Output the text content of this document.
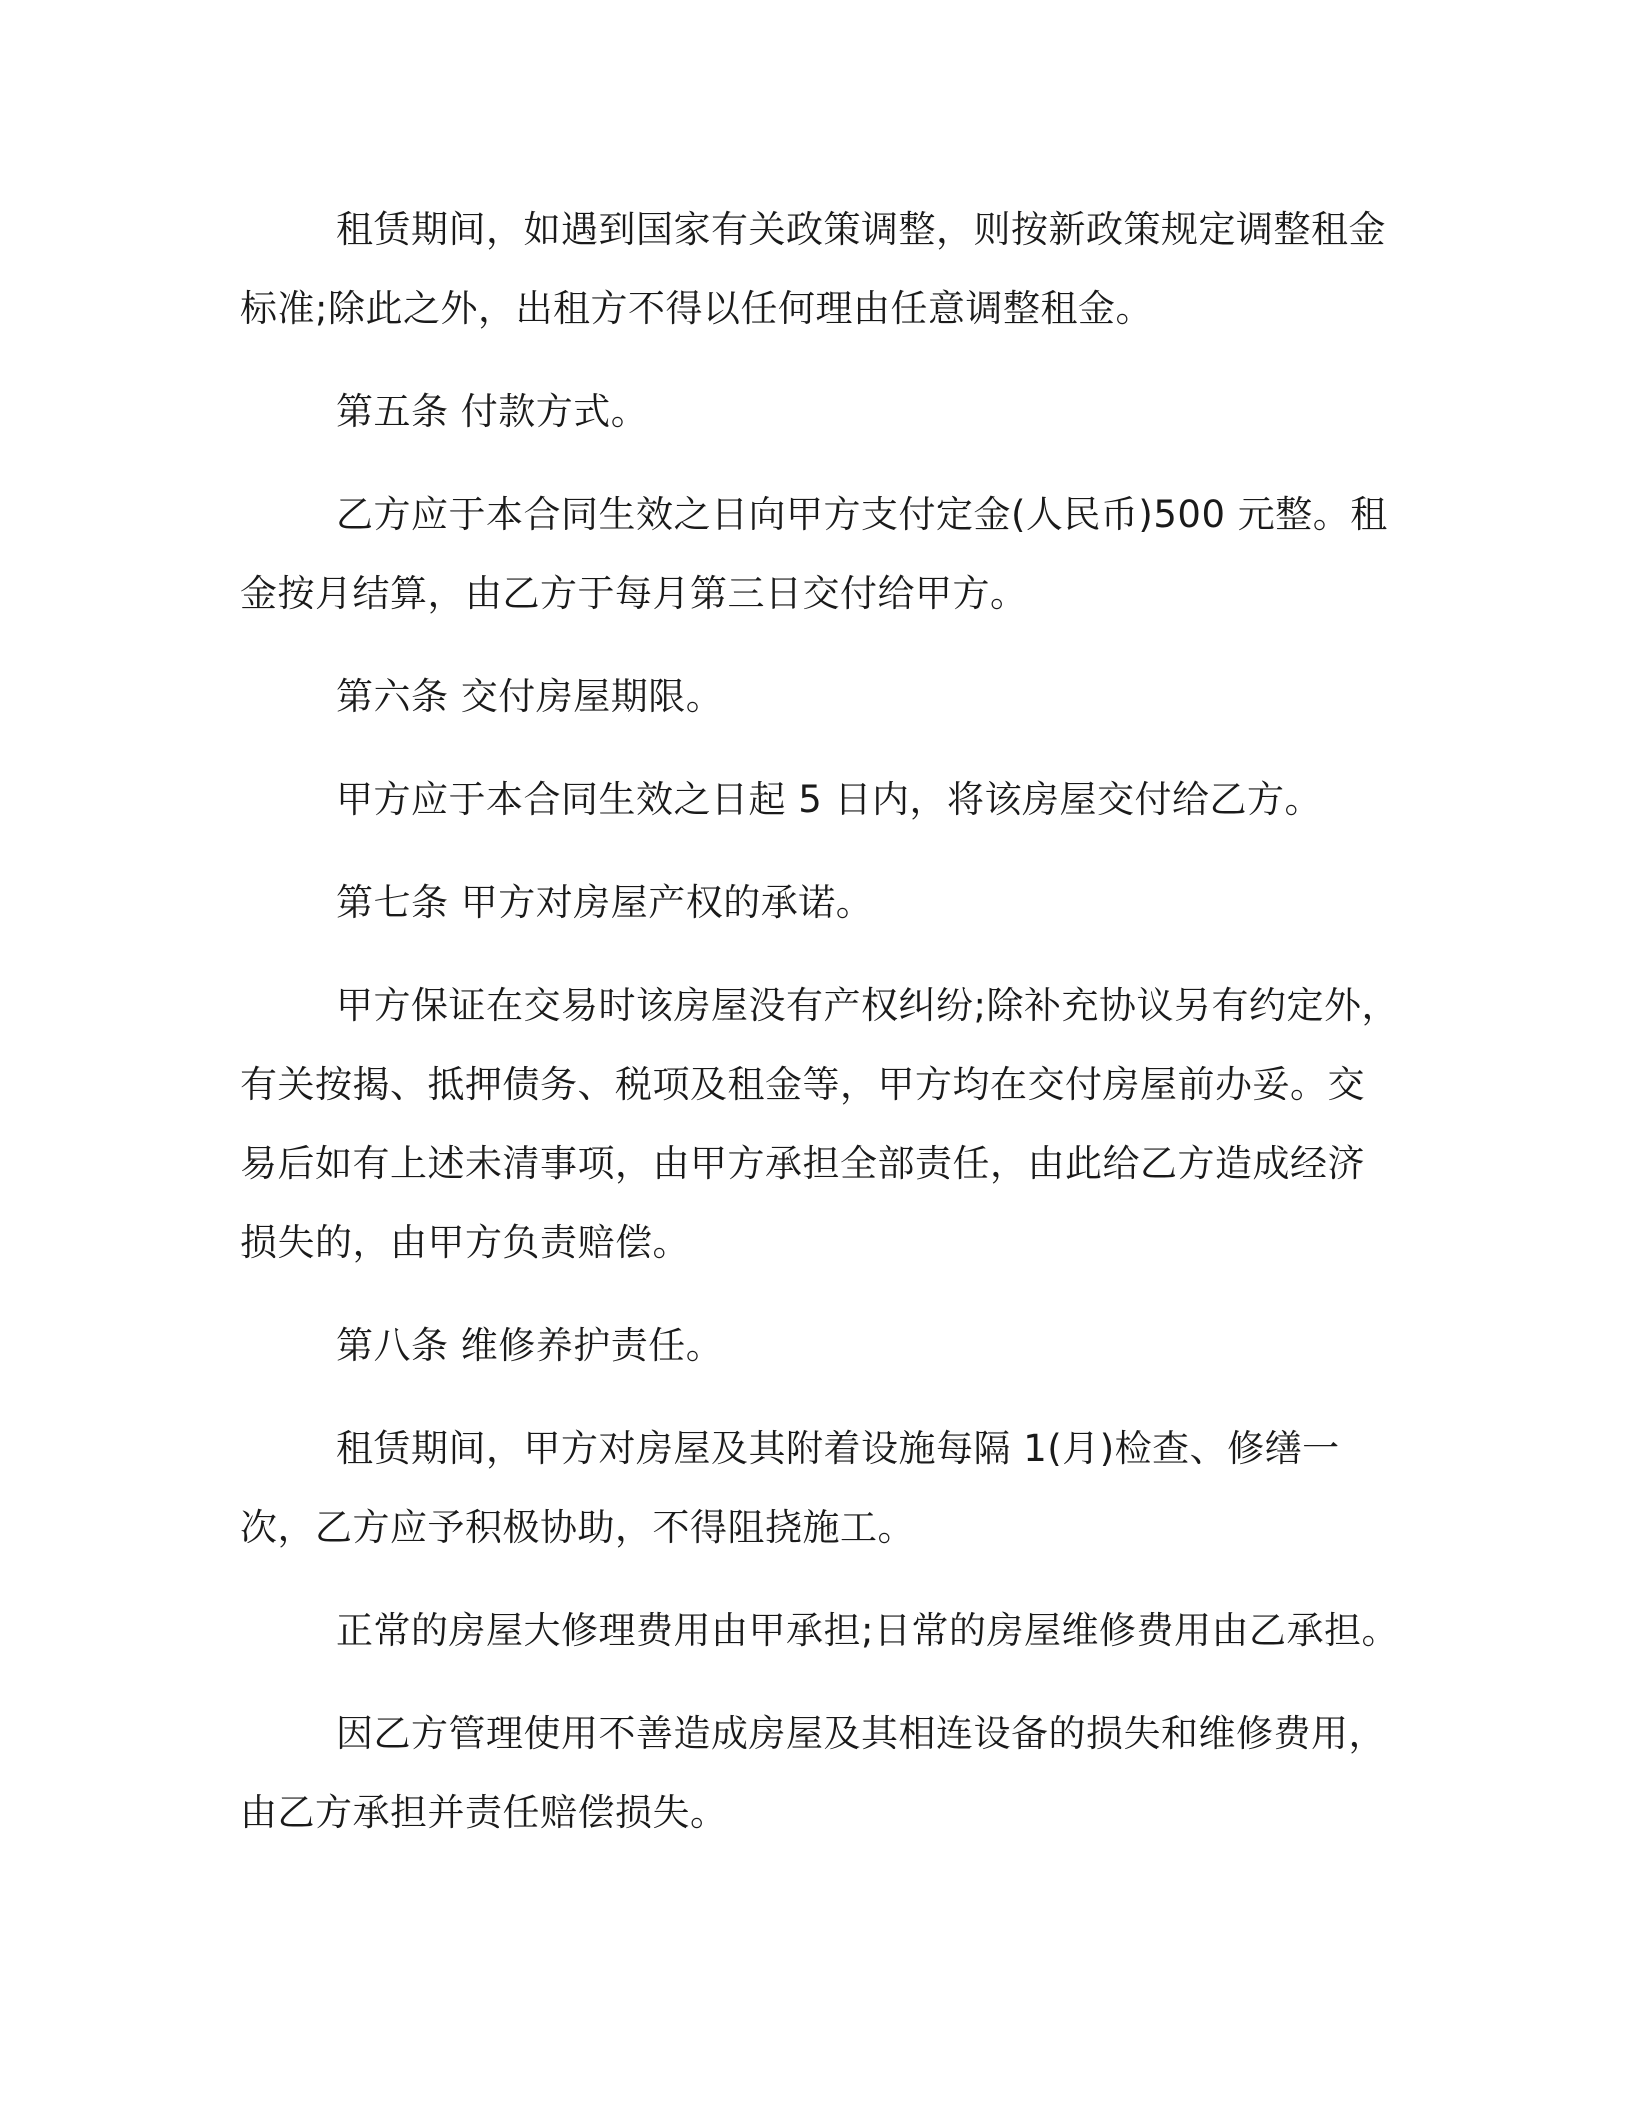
租赁期间，如遇到国家有关政策调整，则按新政策规定调整租金标准;除此之外，出租方不得以任何理由任意调整租金。

第五条 付款方式。

乙方应于本合同生效之日向甲方支付定金(人民币)500 元整。租金按月结算，由乙方于每月第三日交付给甲方。

第六条 交付房屋期限。

甲方应于本合同生效之日起 5 日内，将该房屋交付给乙方。

第七条 甲方对房屋产权的承诺。

甲方保证在交易时该房屋没有产权纠纷;除补充协议另有约定外，有关按揭、抵押债务、税项及租金等，甲方均在交付房屋前办妥。交易后如有上述未清事项，由甲方承担全部责任，由此给乙方造成经济损失的，由甲方负责赔偿。

第八条 维修养护责任。

租赁期间，甲方对房屋及其附着设施每隔 1(月)检查、修缮一次，乙方应予积极协助，不得阻挠施工。

正常的房屋大修理费用由甲承担;日常的房屋维修费用由乙承担。

因乙方管理使用不善造成房屋及其相连设备的损失和维修费用，由乙方承担并责任赔偿损失。
